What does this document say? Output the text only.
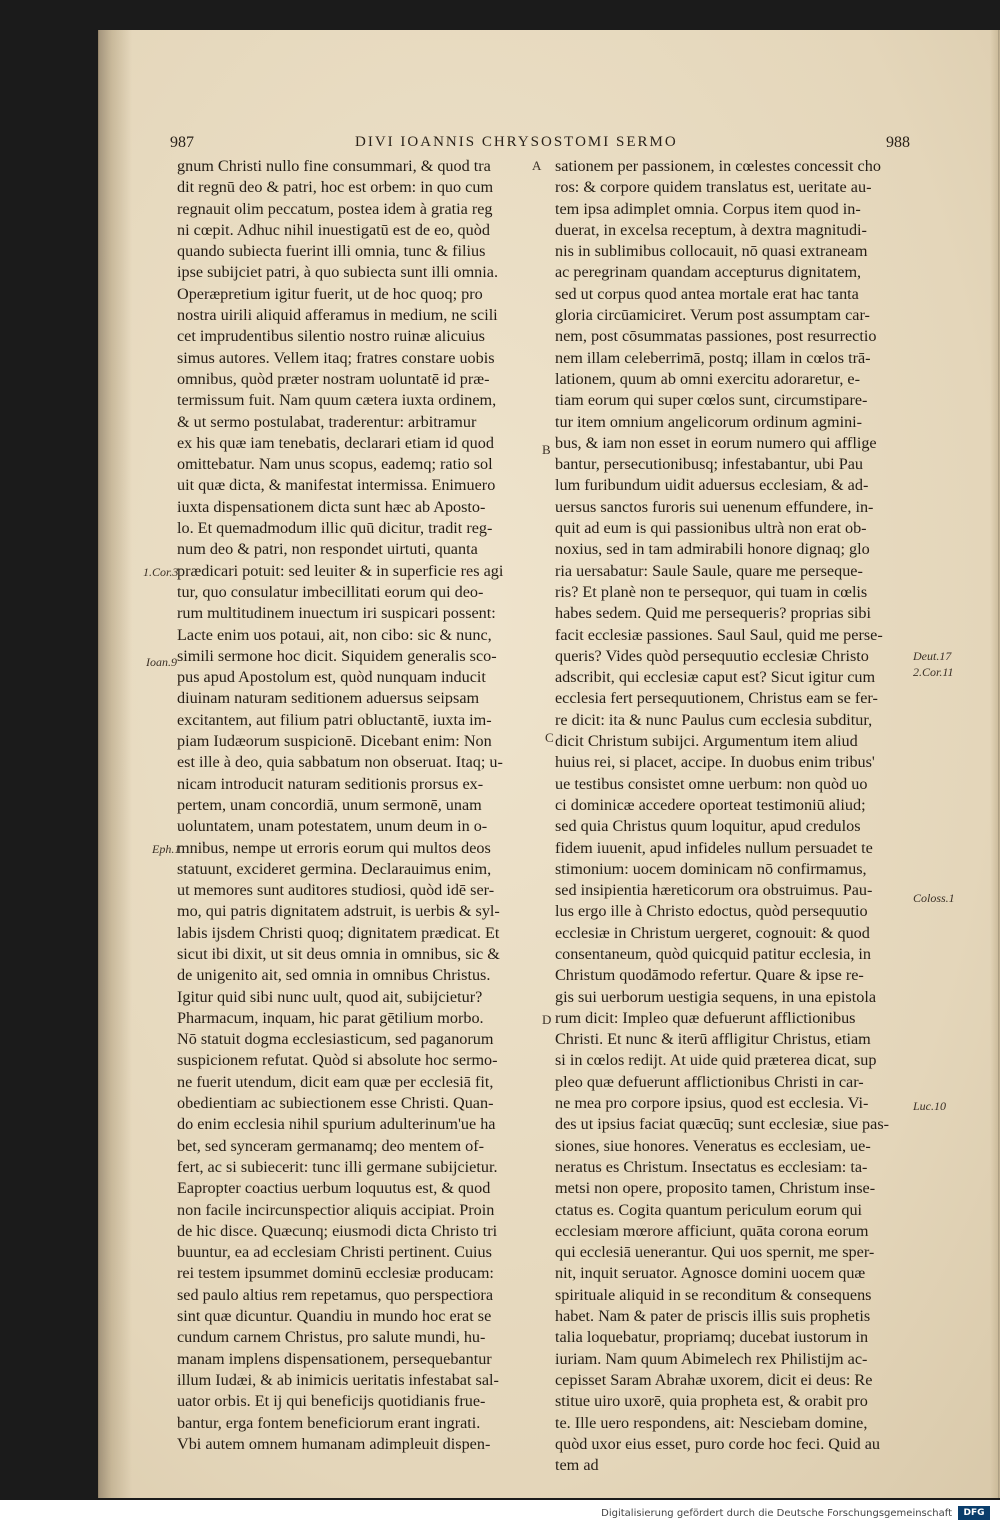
987	DIVI IOANNIS CHRYSOSTOMI SERMO	988
gnum Christi nullo fine consummari, & quod tra
dit regnū deo & patri, hoc est orbem: in quo cum
regnauit olim peccatum, postea idem à gratia reg
ni cœpit. Adhuc nihil inuestigatū est de eo, quòd
quando subiecta fuerint illi omnia, tunc & filius
ipse subijciet patri, à quo subiecta sunt illi omnia.
Operæpretium igitur fuerit, ut de hoc quoq; pro
nostra uirili aliquid afferamus in medium, ne scili
cet imprudentibus silentio nostro ruinæ alicuius
simus autores. Vellem itaq; fratres constare uobis
omnibus, quòd præter nostram uoluntatē id præ-
termissum fuit. Nam quum cætera iuxta ordinem,
& ut sermo postulabat, traderentur: arbitramur
ex his quæ iam tenebatis, declarari etiam id quod
omittebatur. Nam unus scopus, eademq; ratio sol
uit quæ dicta, & manifestat intermissa. Enimuero
iuxta dispensationem dicta sunt hæc ab Aposto-
lo. Et quemadmodum illic quū dicitur, tradit reg-
num deo & patri, non respondet uirtuti, quanta
prædicari potuit: sed leuiter & in superficie res agi
tur, quo consulatur imbecillitati eorum qui deo-
rum multitudinem inuectum iri suspicari possent:
Lacte enim uos potaui, ait, non cibo: sic & nunc,
simili sermone hoc dicit. Siquidem generalis sco-
pus apud Apostolum est, quòd nunquam inducit
diuinam naturam seditionem aduersus seipsam
excitantem, aut filium patri obluctantē, iuxta im-
piam Iudæorum suspicionē. Dicebant enim: Non
est ille à deo, quia sabbatum non obseruat. Itaq; u-
nicam introducit naturam seditionis prorsus ex-
pertem, unam concordiā, unum sermonē, unam
uoluntatem, unam potestatem, unum deum in o-
mnibus, nempe ut erroris eorum qui multos deos
statuunt, excideret germina. Declarauimus enim,
ut memores sunt auditores studiosi, quòd idē ser-
mo, qui patris dignitatem adstruit, is uerbis & syl-
labis ijsdem Christi quoq; dignitatem prædicat. Et
sicut ibi dixit, ut sit deus omnia in omnibus, sic &
de unigenito ait, sed omnia in omnibus Christus.
Igitur quid sibi nunc uult, quod ait, subijcietur?
Pharmacum, inquam, hic parat gētilium morbo.
Nō statuit dogma ecclesiasticum, sed paganorum
suspicionem refutat. Quòd si absolute hoc sermo-
ne fuerit utendum, dicit eam quæ per ecclesiā fit,
obedientiam ac subiectionem esse Christi. Quan-
do enim ecclesia nihil spurium adulterinum'ue ha
bet, sed synceram germanamq; deo mentem of-
fert, ac si subiecerit: tunc illi germane subijcietur.
Eapropter coactius uerbum loquutus est, & quod
non facile incircunspectior aliquis accipiat. Proin
de hic disce. Quæcunq; eiusmodi dicta Christo tri
buuntur, ea ad ecclesiam Christi pertinent. Cuius
rei testem ipsummet dominū ecclesiæ producam:
sed paulo altius rem repetamus, quo perspectiora
sint quæ dicuntur. Quandiu in mundo hoc erat se
cundum carnem Christus, pro salute mundi, hu-
manam implens dispensationem, persequebantur
illum Iudæi, & ab inimicis ueritatis infestabat sal-
uator orbis. Et ij qui beneficijs quotidianis frue-
bantur, erga fontem beneficiorum erant ingrati.
Vbi autem omnem humanam adimpleuit dispen-
sationem per passionem, in cœlestes concessit cho
ros: & corpore quidem translatus est, ueritate au-
tem ipsa adimplet omnia. Corpus item quod in-
duerat, in excelsa receptum, à dextra magnitudi-
nis in sublimibus collocauit, nō quasi extraneam
ac peregrinam quandam accepturus dignitatem,
sed ut corpus quod antea mortale erat hac tanta
gloria circūamiciret. Verum post assumptam car-
nem, post cōsummatas passiones, post resurrectio
nem illam celeberrimā, postq; illam in cœlos trā-
lationem, quum ab omni exercitu adoraretur, e-
tiam eorum qui super cœlos sunt, circumstipare-
tur item omnium angelicorum ordinum agmini-
bus, & iam non esset in eorum numero qui afflige
bantur, persecutionibusq; infestabantur, ubi Pau
lum furibundum uidit aduersus ecclesiam, & ad-
uersus sanctos furoris sui uenenum effundere, in-
quit ad eum is qui passionibus ultrà non erat ob-
noxius, sed in tam admirabili honore dignaq; glo
ria uersabatur: Saule Saule, quare me perseque-
ris? Et planè non te persequor, qui tuam in cœlis
habes sedem. Quid me persequeris? proprias sibi
facit ecclesiæ passiones. Saul Saul, quid me perse-
queris? Vides quòd persequutio ecclesiæ Christo
adscribit, qui ecclesiæ caput est? Sicut igitur cum
ecclesia fert persequutionem, Christus eam se fer-
re dicit: ita & nunc Paulus cum ecclesia subditur,
dicit Christum subijci. Argumentum item aliud
huius rei, si placet, accipe. In duobus enim tribus'
ue testibus consistet omne uerbum: non quòd uo
ci dominicæ accedere oporteat testimoniū aliud;
sed quia Christus quum loquitur, apud credulos
fidem iuuenit, apud infideles nullum persuadet te
stimonium: uocem dominicam nō confirmamus,
sed insipientia hæreticorum ora obstruimus. Pau-
lus ergo ille à Christo edoctus, quòd persequutio
ecclesiæ in Christum uergeret, cognouit: & quod
consentaneum, quòd quicquid patitur ecclesia, in
Christum quodāmodo refertur. Quare & ipse re-
gis sui uerborum uestigia sequens, in una epistola
rum dicit: Impleo quæ defuerunt afflictionibus
Christi. Et nunc & iterū affligitur Christus, etiam
si in cœlos redijt. At uide quid præterea dicat, sup
pleo quæ defuerunt afflictionibus Christi in car-
ne mea pro corpore ipsius, quod est ecclesia. Vi-
des ut ipsius faciat quæcūq; sunt ecclesiæ, siue pas-
siones, siue honores. Veneratus es ecclesiam, ue-
neratus es Christum. Insectatus es ecclesiam: ta-
metsi non opere, proposito tamen, Christum inse-
ctatus es. Cogita quantum periculum eorum qui
ecclesiam mœrore afficiunt, quāta corona eorum
qui ecclesiā uenerantur. Qui uos spernit, me sper-
nit, inquit seruator. Agnosce domini uocem quæ
spirituale aliquid in se reconditum & consequens
habet. Nam & pater de priscis illis suis prophetis
talia loquebatur, propriamq; ducebat iustorum in
iuriam. Nam quum Abimelech rex Philistijm ac-
cepisset Saram Abrahæ uxorem, dicit ei deus: Re
stitue uiro uxorē, quia propheta est, & orabit pro
te. Ille uero respondens, ait: Nesciebam domine,
quòd uxor eius esset, puro corde hoc feci. Quid au
tem ad
A
B
C
D
1.Cor.3
Ioan.9
Eph.1
Deut.17
2.Cor.11
Coloss.1
Luc.10
Digitalisierung gefördert durch die Deutsche Forschungsgemeinschaft	DFG
